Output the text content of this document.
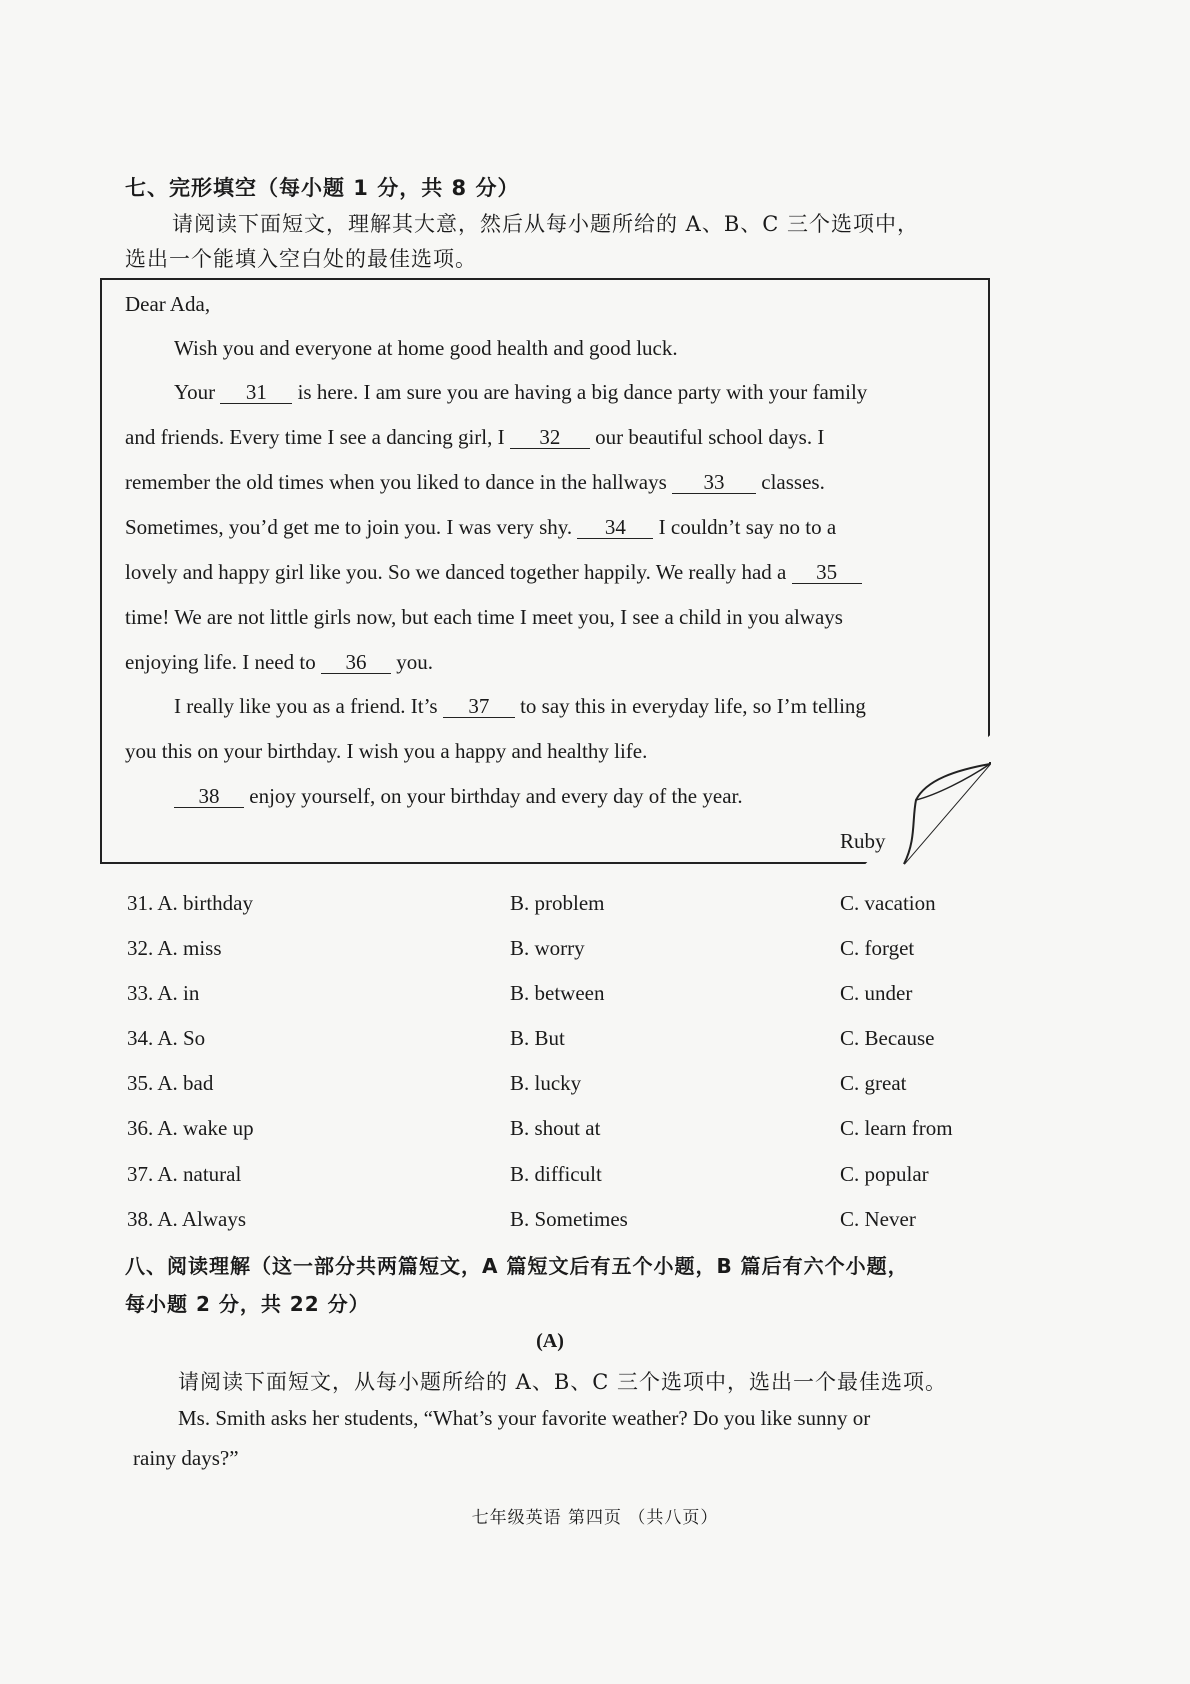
七、完形填空（每小题 1 分，共 8 分）
请阅读下面短文，理解其大意，然后从每小题所给的 A、B、C 三个选项中，
选出一个能填入空白处的最佳选项。
Dear Ada,
Wish you and everyone at home good health and good luck.
Your 31 is here. I am sure you are having a big dance party with your family
and friends. Every time I see a dancing girl, I 32 our beautiful school days. I
remember the old times when you liked to dance in the hallways 33 classes.
Sometimes, you’d get me to join you. I was very shy. 34 I couldn’t say no to a
lovely and happy girl like you. So we danced together happily. We really had a 35
time! We are not little girls now, but each time I meet you, I see a child in you always
enjoying life. I need to 36 you.
I really like you as a friend. It’s 37 to say this in everyday life, so I’m telling
you this on your birthday. I wish you a happy and healthy life.
38 enjoy yourself, on your birthday and every day of the year.
Ruby
31. A. birthday	B. problem	C. vacation
32. A. miss	B. worry	C. forget
33. A. in	B. between	C. under
34. A. So	B. But	C. Because
35. A. bad	B. lucky	C. great
36. A. wake up	B. shout at	C. learn from
37. A. natural	B. difficult	C. popular
38. A. Always	B. Sometimes	C. Never
八、阅读理解（这一部分共两篇短文，A 篇短文后有五个小题，B 篇后有六个小题，
每小题 2 分，共 22 分）
(A)
请阅读下面短文，从每小题所给的 A、B、C 三个选项中，选出一个最佳选项。
Ms. Smith asks her students, “What’s your favorite weather? Do you like sunny or
rainy days?”
七年级英语 第四页 （共八页）
